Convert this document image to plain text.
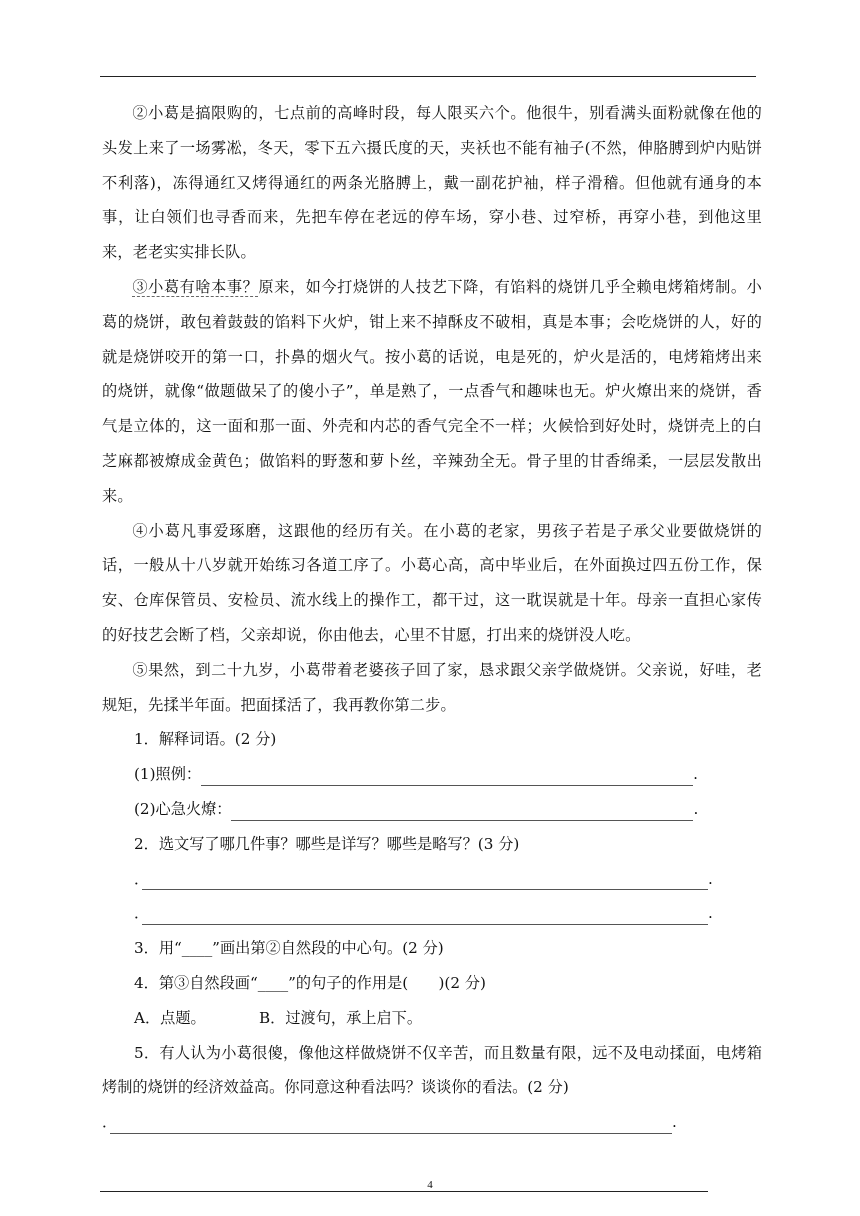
②小葛是搞限购的，七点前的高峰时段，每人限买六个。他很牛，别看满头面粉就像在他的头发上来了一场雾凇，冬天，零下五六摄氏度的天，夹袄也不能有袖子(不然，伸胳膊到炉内贴饼不利落)，冻得通红又烤得通红的两条光胳膊上，戴一副花护袖，样子滑稽。但他就有通身的本事，让白领们也寻香而来，先把车停在老远的停车场，穿小巷、过窄桥，再穿小巷，到他这里来，老老实实排长队。

③小葛有啥本事？原来，如今打烧饼的人技艺下降，有馅料的烧饼几乎全赖电烤箱烤制。小葛的烧饼，敢包着鼓鼓的馅料下火炉，钳上来不掉酥皮不破相，真是本事；会吃烧饼的人，好的就是烧饼咬开的第一口，扑鼻的烟火气。按小葛的话说，电是死的，炉火是活的，电烤箱烤出来的烧饼，就像“做题做呆了的傻小子”，单是熟了，一点香气和趣味也无。炉火燎出来的烧饼，香气是立体的，这一面和那一面、外壳和内芯的香气完全不一样；火候恰到好处时，烧饼壳上的白芝麻都被燎成金黄色；做馅料的野葱和萝卜丝，辛辣劲全无。骨子里的甘香绵柔，一层层发散出来。

④小葛凡事爱琢磨，这跟他的经历有关。在小葛的老家，男孩子若是子承父业要做烧饼的话，一般从十八岁就开始练习各道工序了。小葛心高，高中毕业后，在外面换过四五份工作，保安、仓库保管员、安检员、流水线上的操作工，都干过，这一耽误就是十年。母亲一直担心家传的好技艺会断了档，父亲却说，你由他去，心里不甘愿，打出来的烧饼没人吃。

⑤果然，到二十九岁，小葛带着老婆孩子回了家，恳求跟父亲学做烧饼。父亲说，好哇，老规矩，先揉半年面。把面揉活了，我再教你第二步。

1．解释词语。(2 分)

(1)照例：	.
(2)心急火燎：	.

2．选文写了哪几件事？哪些是详写？哪些是略写？(3 分)

．	.
．	.

3．用“____”画出第②自然段的中心句。(2 分)

4．第③自然段画“____”的句子的作用是(　　)(2 分)

A．点题。	B．过渡句，承上启下。

5．有人认为小葛很傻，像他这样做烧饼不仅辛苦，而且数量有限，远不及电动揉面，电烤箱烤制的烧饼的经济效益高。你同意这种看法吗？谈谈你的看法。(2 分)

．	.
4
